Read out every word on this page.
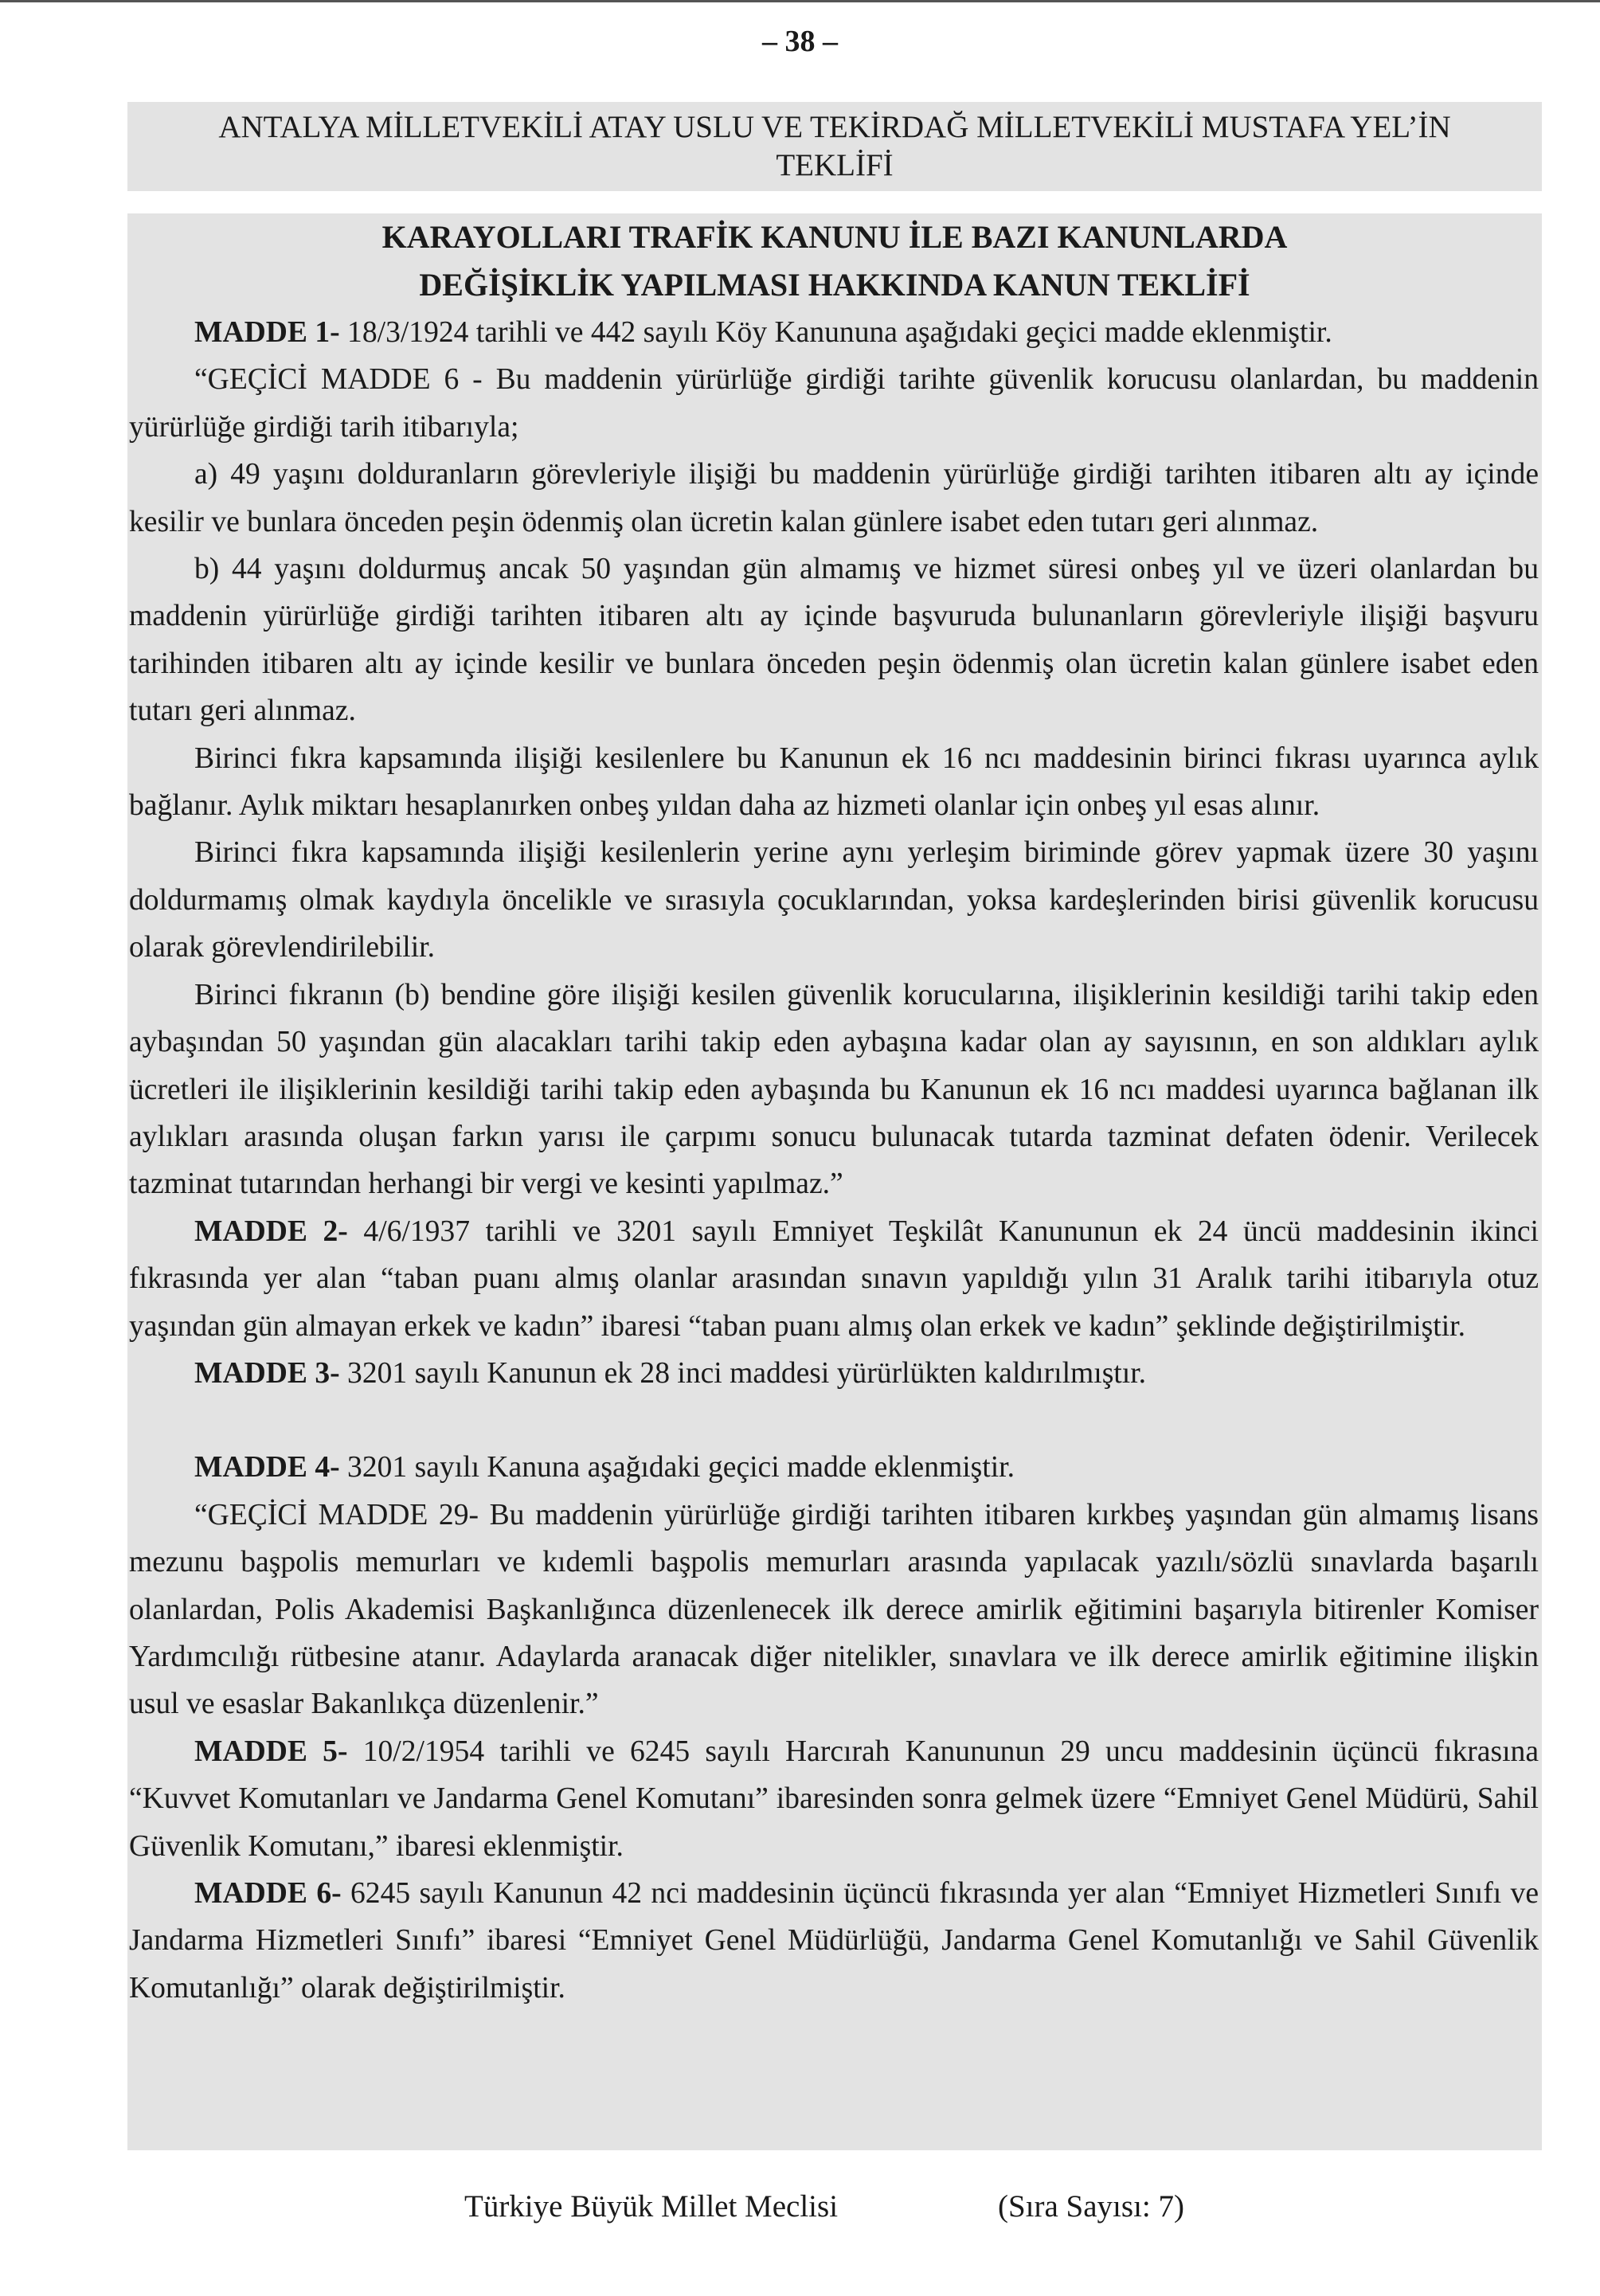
– 38 –
ANTALYA MİLLETVEKİLİ ATAY USLU VE TEKİRDAĞ MİLLETVEKİLİ MUSTAFA YEL’İN TEKLİFİ
KARAYOLLARI TRAFİK KANUNU İLE BAZI KANUNLARDA
DEĞİŞİKLİK YAPILMASI HAKKINDA KANUN TEKLİFİ

MADDE 1- 18/3/1924 tarihli ve 442 sayılı Köy Kanununa aşağıdaki geçici madde eklenmiştir.

“GEÇİCİ MADDE 6 - Bu maddenin yürürlüğe girdiği tarihte güvenlik korucusu olanlardan, bu maddenin yürürlüğe girdiği tarih itibarıyla;

a) 49 yaşını dolduranların görevleriyle ilişiği bu maddenin yürürlüğe girdiği tarihten itibaren altı ay içinde kesilir ve bunlara önceden peşin ödenmiş olan ücretin kalan günlere isabet eden tutarı geri alınmaz.

b) 44 yaşını doldurmuş ancak 50 yaşından gün almamış ve hizmet süresi onbeş yıl ve üzeri olanlardan bu maddenin yürürlüğe girdiği tarihten itibaren altı ay içinde başvuruda bulunanların görevleriyle ilişiği başvuru tarihinden itibaren altı ay içinde kesilir ve bunlara önceden peşin ödenmiş olan ücretin kalan günlere isabet eden tutarı geri alınmaz.

Birinci fıkra kapsamında ilişiği kesilenlere bu Kanunun ek 16 ncı maddesinin birinci fıkrası uyarınca aylık bağlanır. Aylık miktarı hesaplanırken onbeş yıldan daha az hizmeti olanlar için onbeş yıl esas alınır.

Birinci fıkra kapsamında ilişiği kesilenlerin yerine aynı yerleşim biriminde görev yapmak üzere 30 yaşını doldurmamış olmak kaydıyla öncelikle ve sırasıyla çocuklarından, yoksa kardeşlerinden birisi güvenlik korucusu olarak görevlendirilebilir.

Birinci fıkranın (b) bendine göre ilişiği kesilen güvenlik korucularına, ilişiklerinin kesildiği tarihi takip eden aybaşından 50 yaşından gün alacakları tarihi takip eden aybaşına kadar olan ay sayısının, en son aldıkları aylık ücretleri ile ilişiklerinin kesildiği tarihi takip eden aybaşında bu Kanunun ek 16 ncı maddesi uyarınca bağlanan ilk aylıkları arasında oluşan farkın yarısı ile çarpımı sonucu bulunacak tutarda tazminat defaten ödenir. Verilecek tazminat tutarından herhangi bir vergi ve kesinti yapılmaz.”

MADDE 2- 4/6/1937 tarihli ve 3201 sayılı Emniyet Teşkilât Kanununun ek 24 üncü maddesinin ikinci fıkrasında yer alan “taban puanı almış olanlar arasından sınavın yapıldığı yılın 31 Aralık tarihi itibarıyla otuz yaşından gün almayan erkek ve kadın” ibaresi “taban puanı almış olan erkek ve kadın” şeklinde değiştirilmiştir.

MADDE 3- 3201 sayılı Kanunun ek 28 inci maddesi yürürlükten kaldırılmıştır.

MADDE 4- 3201 sayılı Kanuna aşağıdaki geçici madde eklenmiştir.

“GEÇİCİ MADDE 29- Bu maddenin yürürlüğe girdiği tarihten itibaren kırkbeş yaşından gün almamış lisans mezunu başpolis memurları ve kıdemli başpolis memurları arasında yapılacak yazılı/sözlü sınavlarda başarılı olanlardan, Polis Akademisi Başkanlığınca düzenlenecek ilk derece amirlik eğitimini başarıyla bitirenler Komiser Yardımcılığı rütbesine atanır. Adaylarda aranacak diğer nitelikler, sınavlara ve ilk derece amirlik eğitimine ilişkin usul ve esaslar Bakanlıkça düzenlenir.”

MADDE 5- 10/2/1954 tarihli ve 6245 sayılı Harcırah Kanununun 29 uncu maddesinin üçüncü fıkrasına “Kuvvet Komutanları ve Jandarma Genel Komutanı” ibaresinden sonra gelmek üzere “Emniyet Genel Müdürü, Sahil Güvenlik Komutanı,” ibaresi eklenmiştir.

MADDE 6- 6245 sayılı Kanunun 42 nci maddesinin üçüncü fıkrasında yer alan “Emniyet Hizmetleri Sınıfı ve Jandarma Hizmetleri Sınıfı” ibaresi “Emniyet Genel Müdürlüğü, Jandarma Genel Komutanlığı ve Sahil Güvenlik Komutanlığı” olarak değiştirilmiştir.

Türkiye Büyük Millet Meclisi	(Sıra Sayısı: 7)
